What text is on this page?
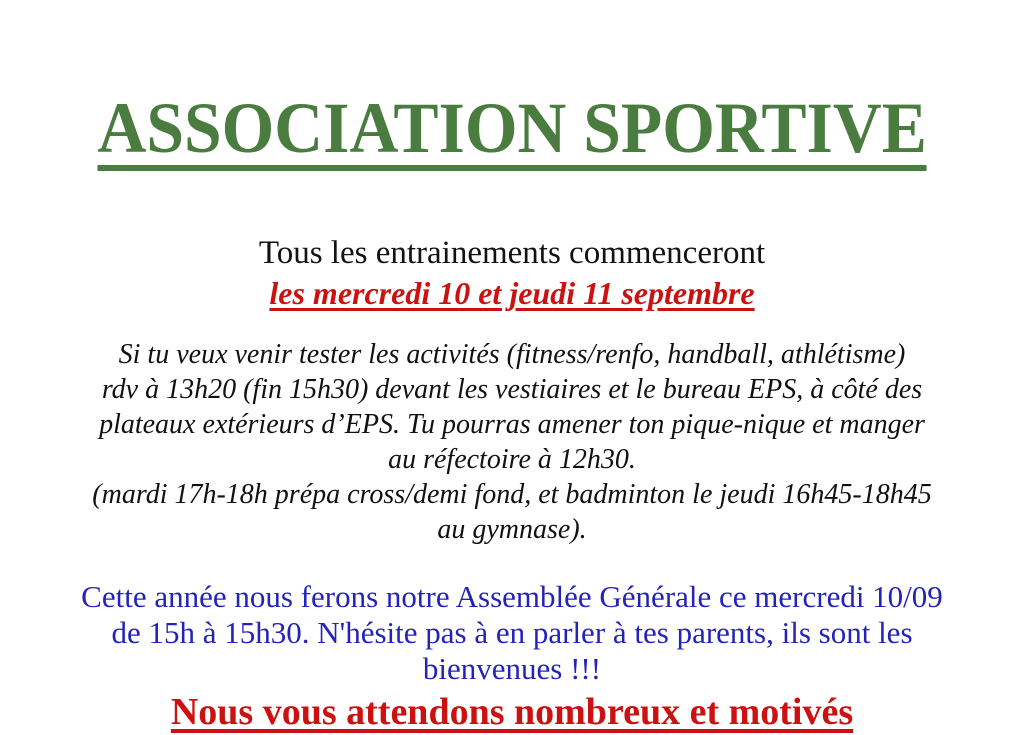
ASSOCIATION SPORTIVE
Tous les entrainements commenceront
les mercredi 10 et jeudi 11 septembre
Si tu veux venir tester les activités (fitness/renfo, handball, athlétisme)
rdv à 13h20 (fin 15h30) devant les vestiaires et le bureau EPS, à côté des
plateaux extérieurs d’EPS. Tu pourras amener ton pique-nique et manger
au réfectoire à 12h30.
(mardi 17h-18h prépa cross/demi fond, et badminton le jeudi 16h45-18h45
au gymnase).
Cette année nous ferons notre Assemblée Générale ce mercredi 10/09
de 15h à 15h30. N'hésite pas à en parler à tes parents, ils sont les
bienvenues !!!
Nous vous attendons nombreux et motivés
